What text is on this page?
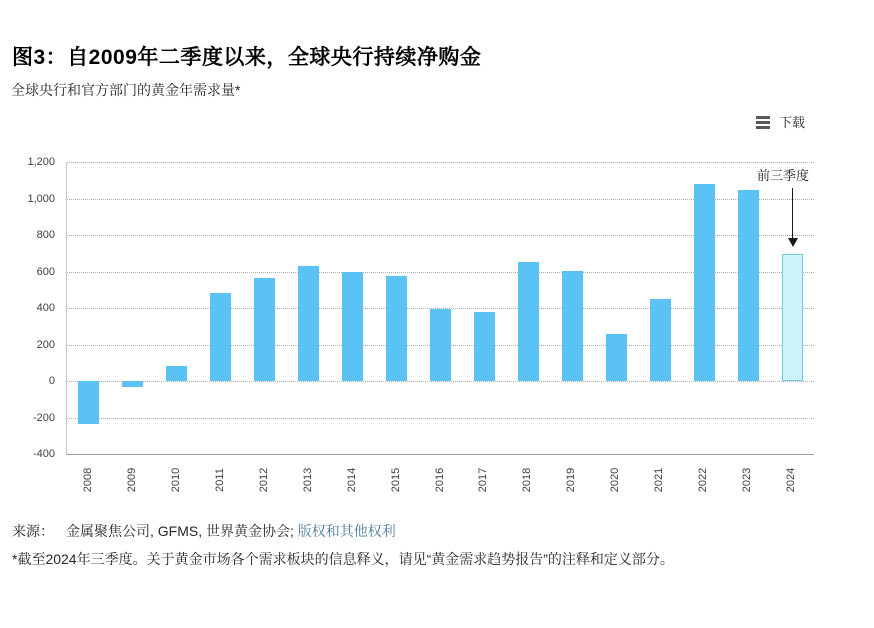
图3：自2009年二季度以来，全球央行持续净购金
全球央行和官方部门的黄金年需求量*
下载
1,200
1,000
800
600
400
200
0
-200
-400
前三季度
2008	2009	2010	2011	2012	2013	2014	2015	2016	2017	2018	2019	2020	2021	2022	2023	2024
来源： 金属聚焦公司, GFMS, 世界黄金协会; 版权和其他权利
*截至2024年三季度。关于黄金市场各个需求板块的信息释义，请见“黄金需求趋势报告”的注释和定义部分。
